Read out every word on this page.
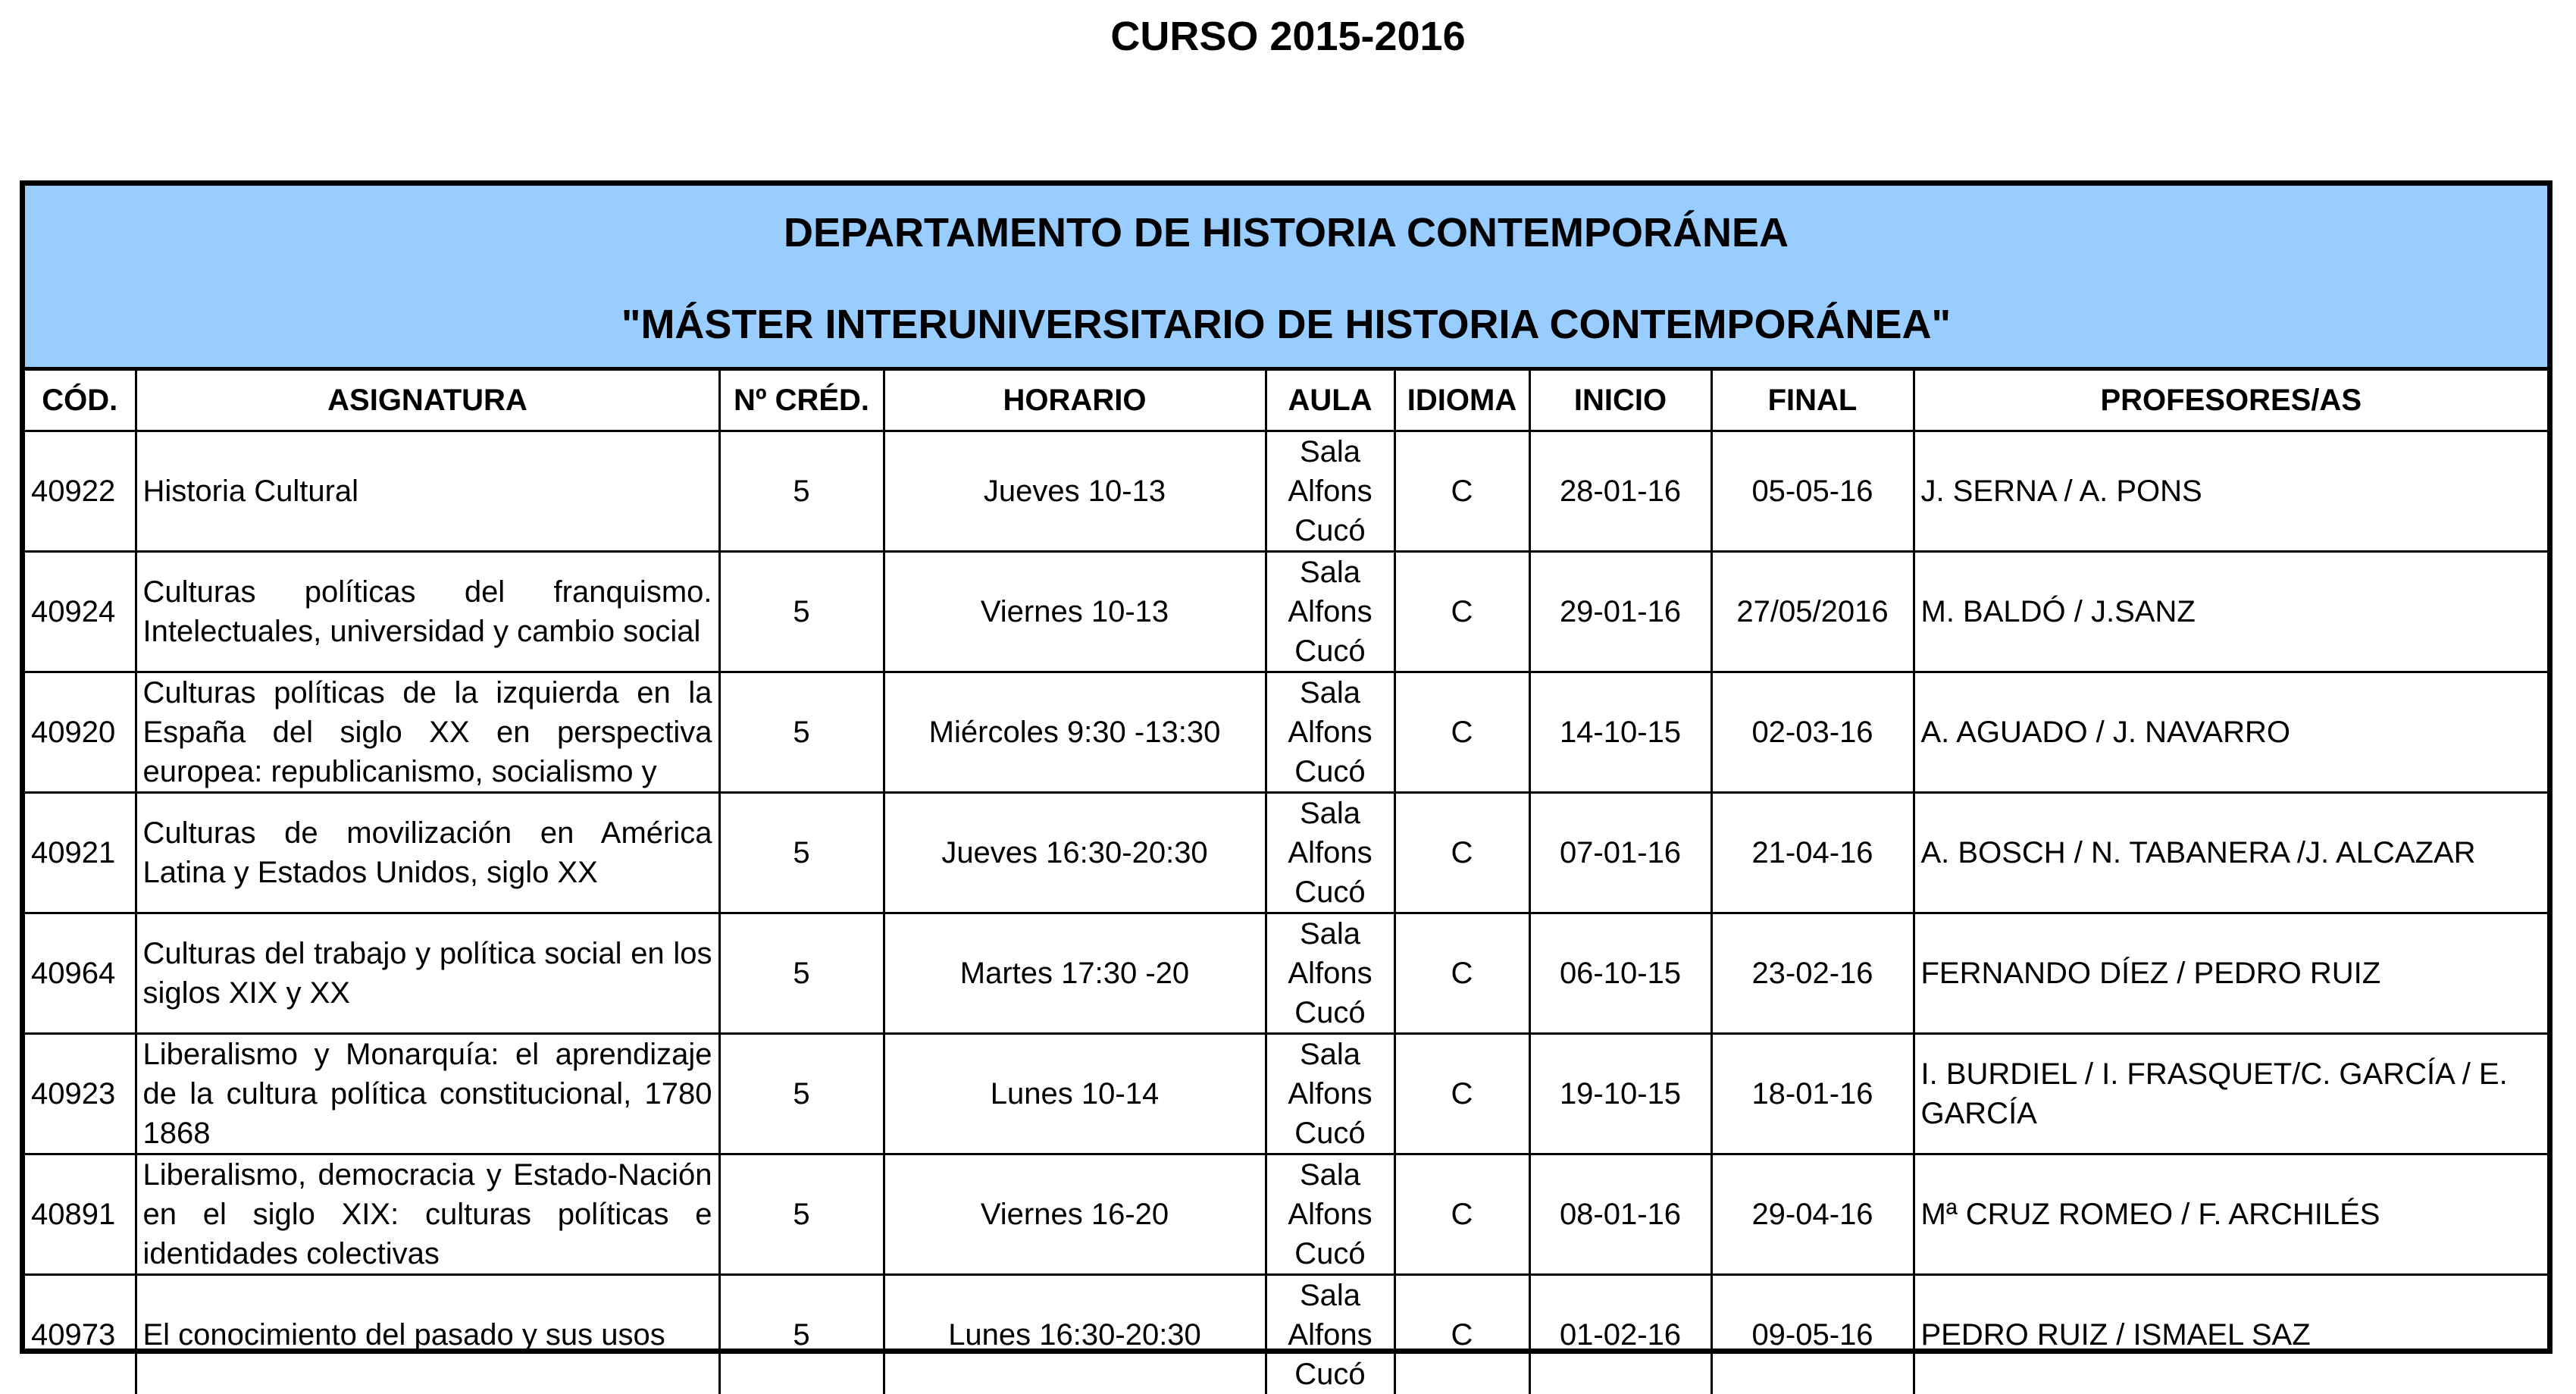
CURSO 2015-2016
DEPARTAMENTO DE HISTORIA CONTEMPORÁNEA
"MÁSTER INTERUNIVERSITARIO DE HISTORIA CONTEMPORÁNEA"
CÓD.	ASIGNATURA	Nº CRÉD.	HORARIO	AULA	IDIOMA	INICIO	FINAL	PROFESORES/AS
40922	Historia Cultural	5	Jueves 10-13	Sala Alfons Cucó	C	28-01-16	05-05-16	J. SERNA / A. PONS
40924	Culturas políticas del franquismo. Intelectuales, universidad y cambio social	5	Viernes 10-13	Sala Alfons Cucó	C	29-01-16	27/05/2016	M. BALDÓ / J.SANZ
40920	Culturas políticas de la izquierda en la España del siglo XX en perspectiva europea: republicanismo, socialismo y	5	Miércoles 9:30 -13:30	Sala Alfons Cucó	C	14-10-15	02-03-16	A. AGUADO / J. NAVARRO
40921	Culturas de movilización en América Latina y Estados Unidos, siglo XX	5	Jueves 16:30-20:30	Sala Alfons Cucó	C	07-01-16	21-04-16	A. BOSCH / N. TABANERA /J. ALCAZAR
40964	Culturas del trabajo y política social en los siglos XIX y XX	5	Martes 17:30 -20	Sala Alfons Cucó	C	06-10-15	23-02-16	FERNANDO DÍEZ / PEDRO RUIZ
40923	Liberalismo y Monarquía: el aprendizaje de la cultura política constitucional, 1780 1868	5	Lunes 10-14	Sala Alfons Cucó	C	19-10-15	18-01-16	I. BURDIEL / I. FRASQUET/C. GARCÍA / E. GARCÍA
40891	Liberalismo, democracia y Estado-Nación en el siglo XIX: culturas políticas e identidades colectivas	5	Viernes 16-20	Sala Alfons Cucó	C	08-01-16	29-04-16	Mª CRUZ ROMEO / F. ARCHILÉS
40973	El conocimiento del pasado y sus usos	5	Lunes 16:30-20:30	Sala Alfons Cucó	C	01-02-16	09-05-16	PEDRO RUIZ / ISMAEL SAZ
